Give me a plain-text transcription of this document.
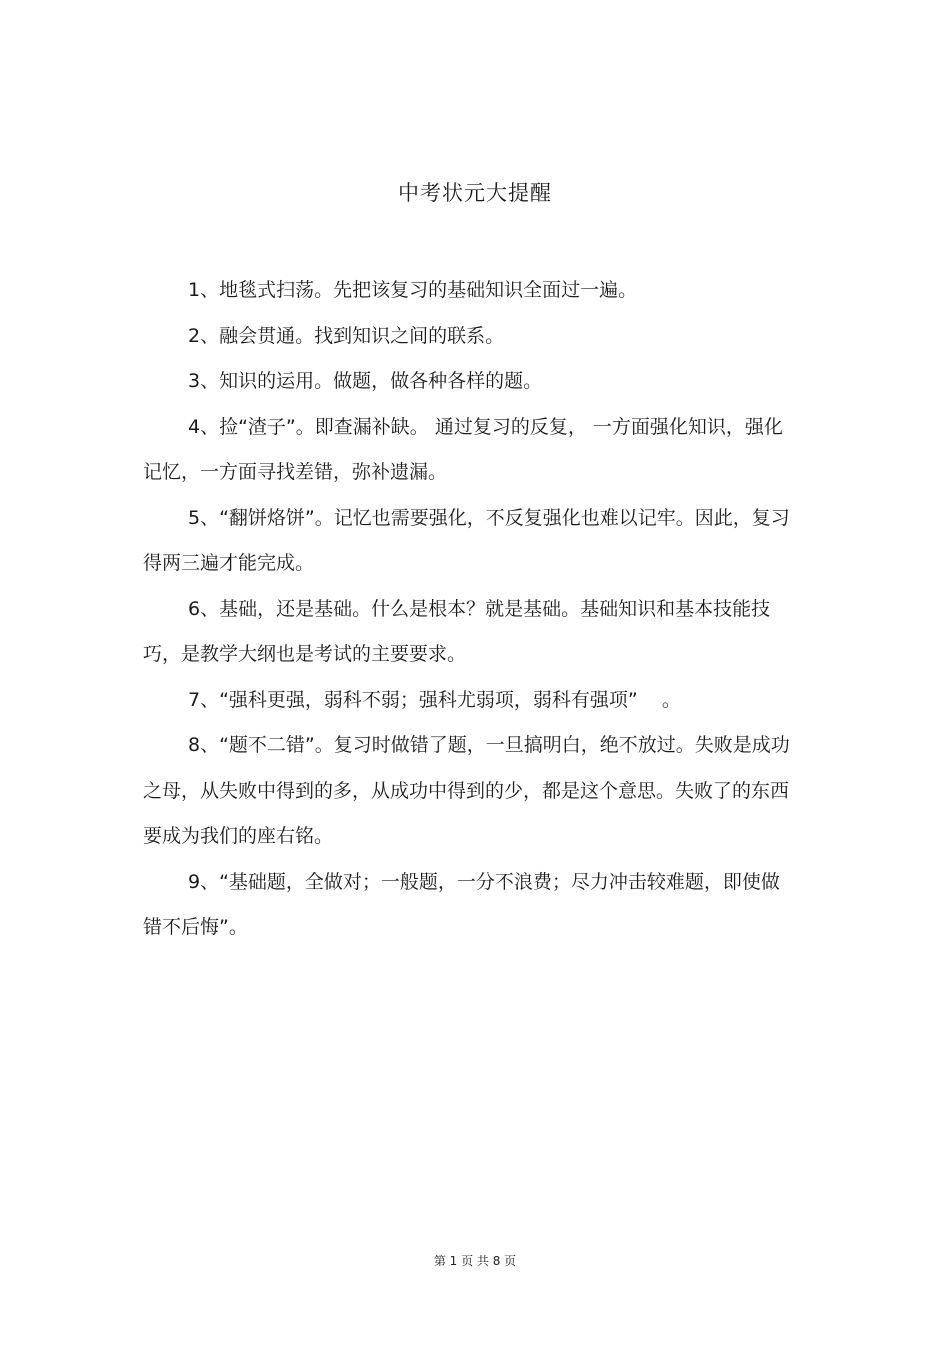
中考状元大提醒

1、地毯式扫荡。先把该复习的基础知识全面过一遍。

2、融会贯通。找到知识之间的联系。

3、知识的运用。做题，做各种各样的题。

4、捡“渣子”。即查漏补缺。 通过复习的反复， 一方面强化知识，强化记忆，一方面寻找差错，弥补遗漏。

5、“翻饼烙饼”。记忆也需要强化，不反复强化也难以记牢。因此，复习得两三遍才能完成。

6、基础，还是基础。什么是根本？就是基础。基础知识和基本技能技巧，是教学大纲也是考试的主要要求。

7、“强科更强，弱科不弱；强科尤弱项，弱科有强项”    。

8、“题不二错”。复习时做错了题，一旦搞明白，绝不放过。失败是成功之母，从失败中得到的多，从成功中得到的少，都是这个意思。失败了的东西要成为我们的座右铭。

9、“基础题，全做对；一般题，一分不浪费；尽力冲击较难题，即使做错不后悔”。

第 1 页 共 8 页
